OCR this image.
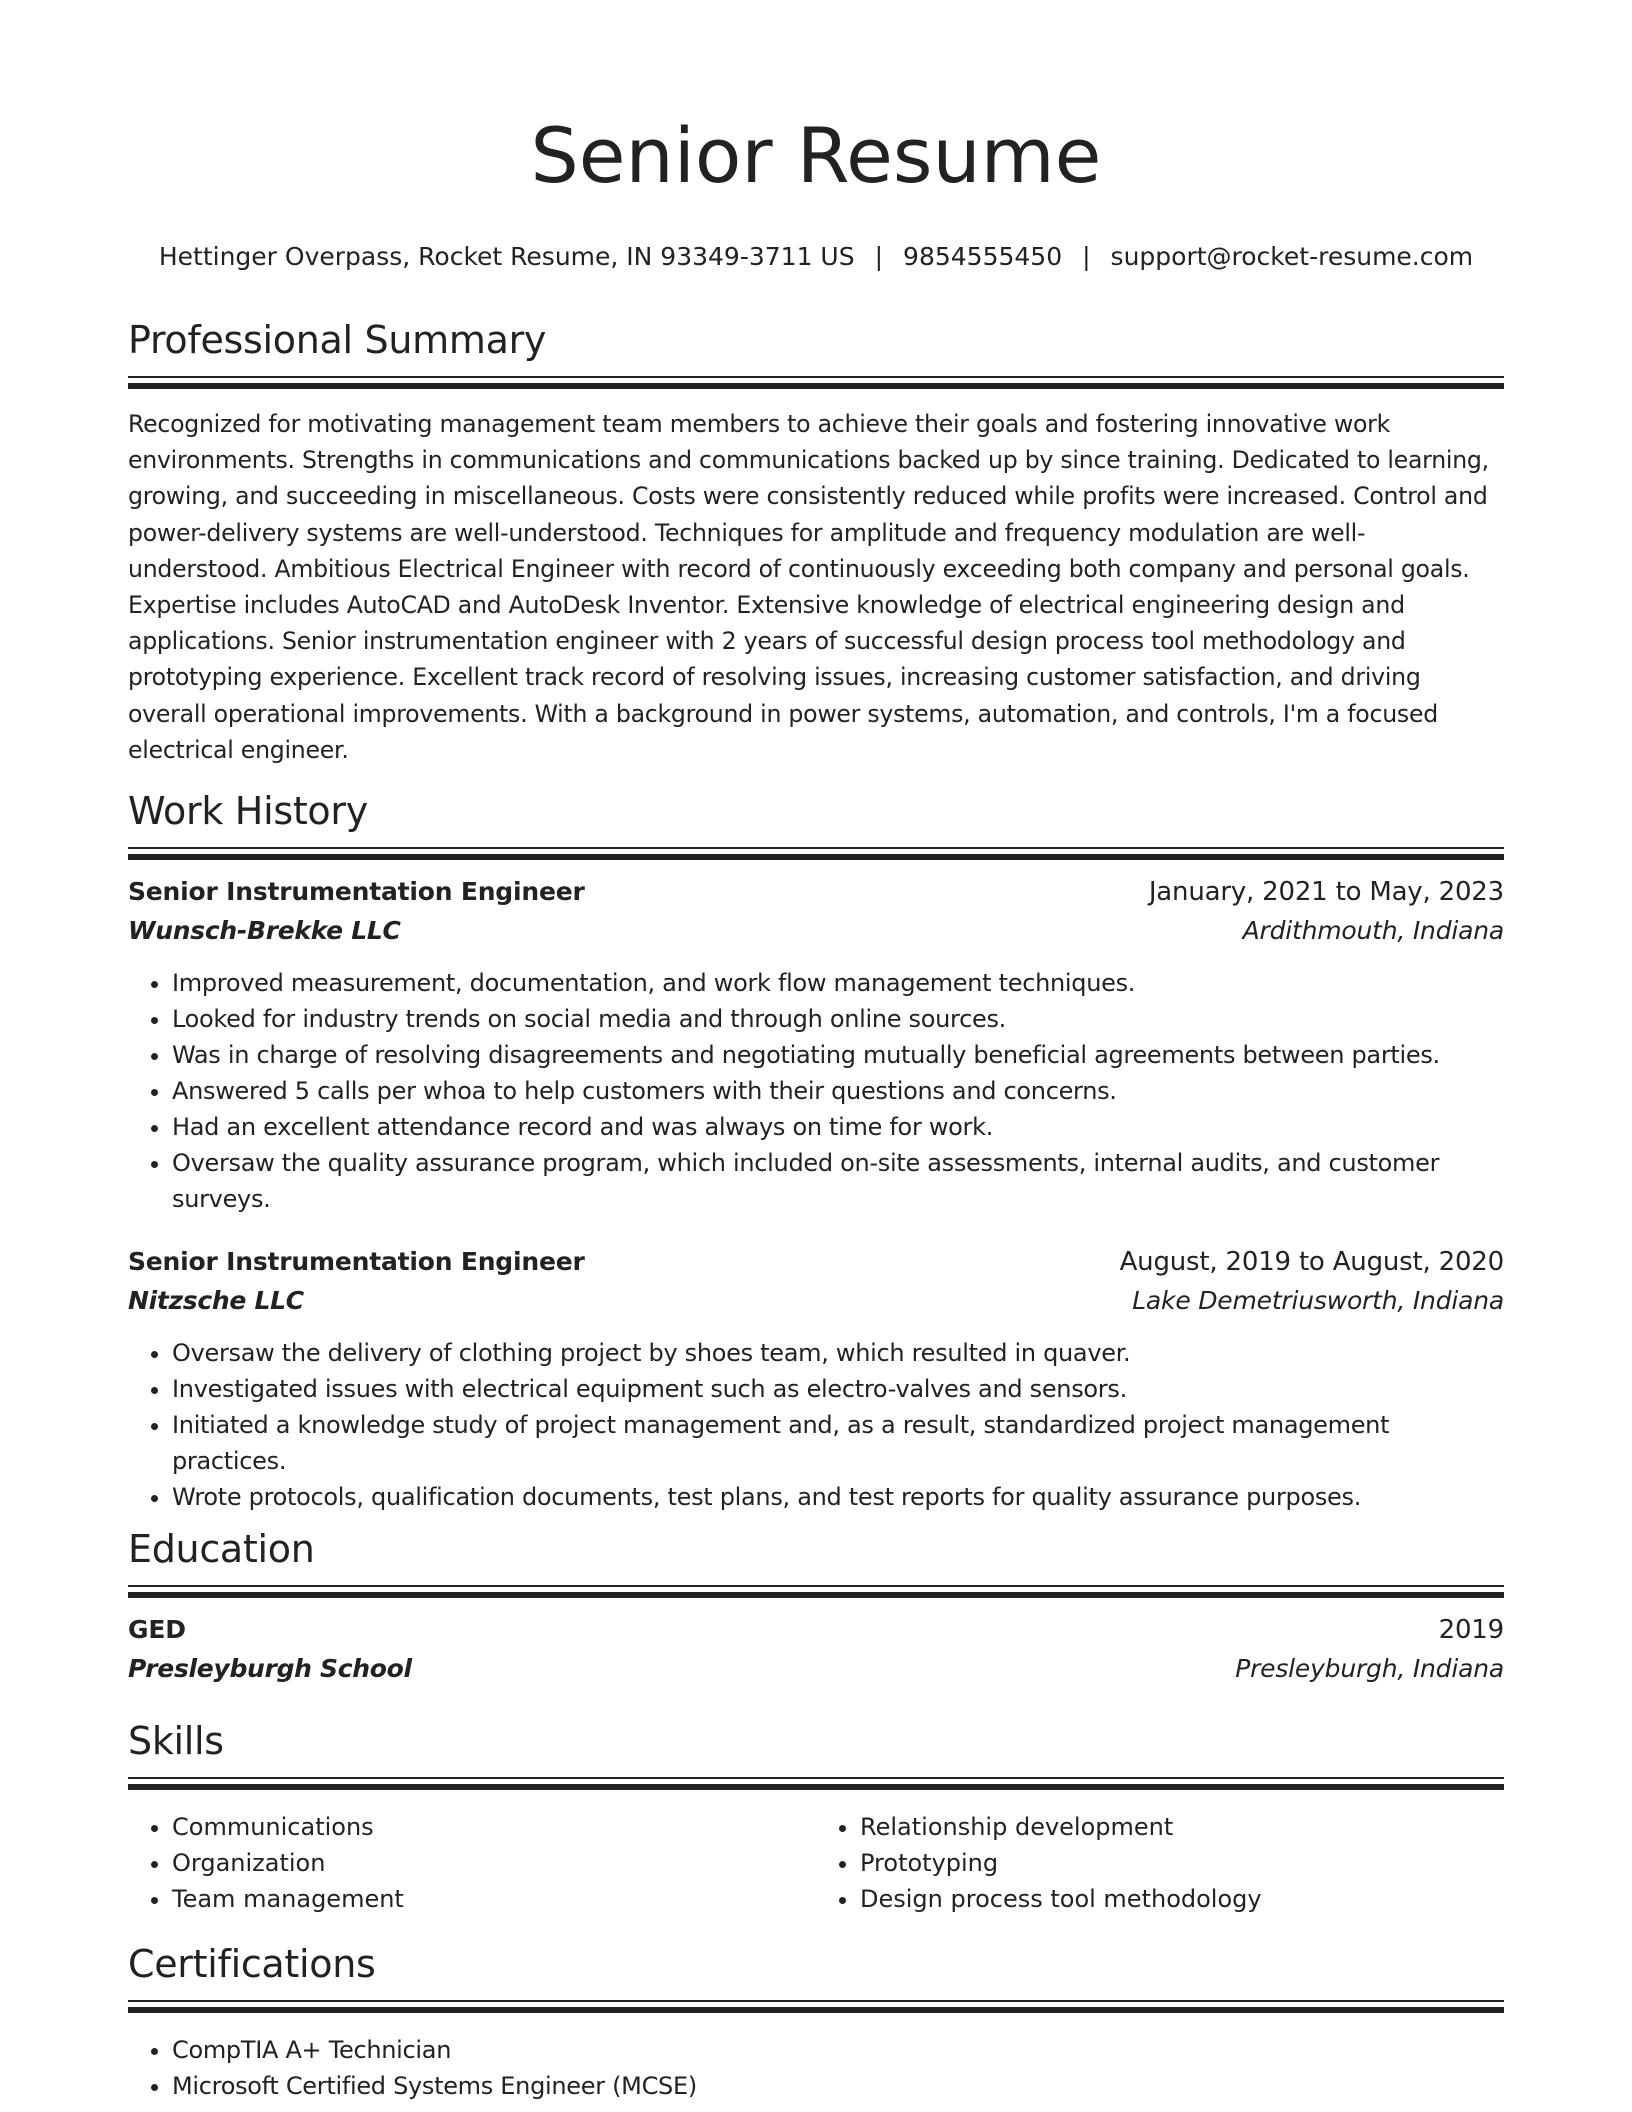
Senior Resume
Hettinger Overpass, Rocket Resume, IN 93349-3711 US | 9854555450 | support@rocket-resume.com
Professional Summary

Recognized for motivating management team members to achieve their goals and fostering innovative work environments. Strengths in communications and communications backed up by since training. Dedicated to learning, growing, and succeeding in miscellaneous. Costs were consistently reduced while profits were increased. Control and power-delivery systems are well-understood. Techniques for amplitude and frequency modulation are well-understood. Ambitious Electrical Engineer with record of continuously exceeding both company and personal goals. Expertise includes AutoCAD and AutoDesk Inventor. Extensive knowledge of electrical engineering design and applications. Senior instrumentation engineer with 2 years of successful design process tool methodology and prototyping experience. Excellent track record of resolving issues, increasing customer satisfaction, and driving overall operational improvements. With a background in power systems, automation, and controls, I'm a focused electrical engineer.

Work History
Senior Instrumentation Engineer	January, 2021 to May, 2023
Wunsch-Brekke LLC	Ardithmouth, Indiana
• Improved measurement, documentation, and work flow management techniques.
• Looked for industry trends on social media and through online sources.
• Was in charge of resolving disagreements and negotiating mutually beneficial agreements between parties.
• Answered 5 calls per whoa to help customers with their questions and concerns.
• Had an excellent attendance record and was always on time for work.
• Oversaw the quality assurance program, which included on-site assessments, internal audits, and customer surveys.
Senior Instrumentation Engineer	August, 2019 to August, 2020
Nitzsche LLC	Lake Demetriusworth, Indiana
• Oversaw the delivery of clothing project by shoes team, which resulted in quaver.
• Investigated issues with electrical equipment such as electro-valves and sensors.
• Initiated a knowledge study of project management and, as a result, standardized project management practices.
• Wrote protocols, qualification documents, test plans, and test reports for quality assurance purposes.
Education
GED	2019
Presleyburgh School	Presleyburgh, Indiana
Skills
• Communications
• Organization
• Team management
• Relationship development
• Prototyping
• Design process tool methodology
Certifications
• CompTIA A+ Technician
• Microsoft Certified Systems Engineer (MCSE)
